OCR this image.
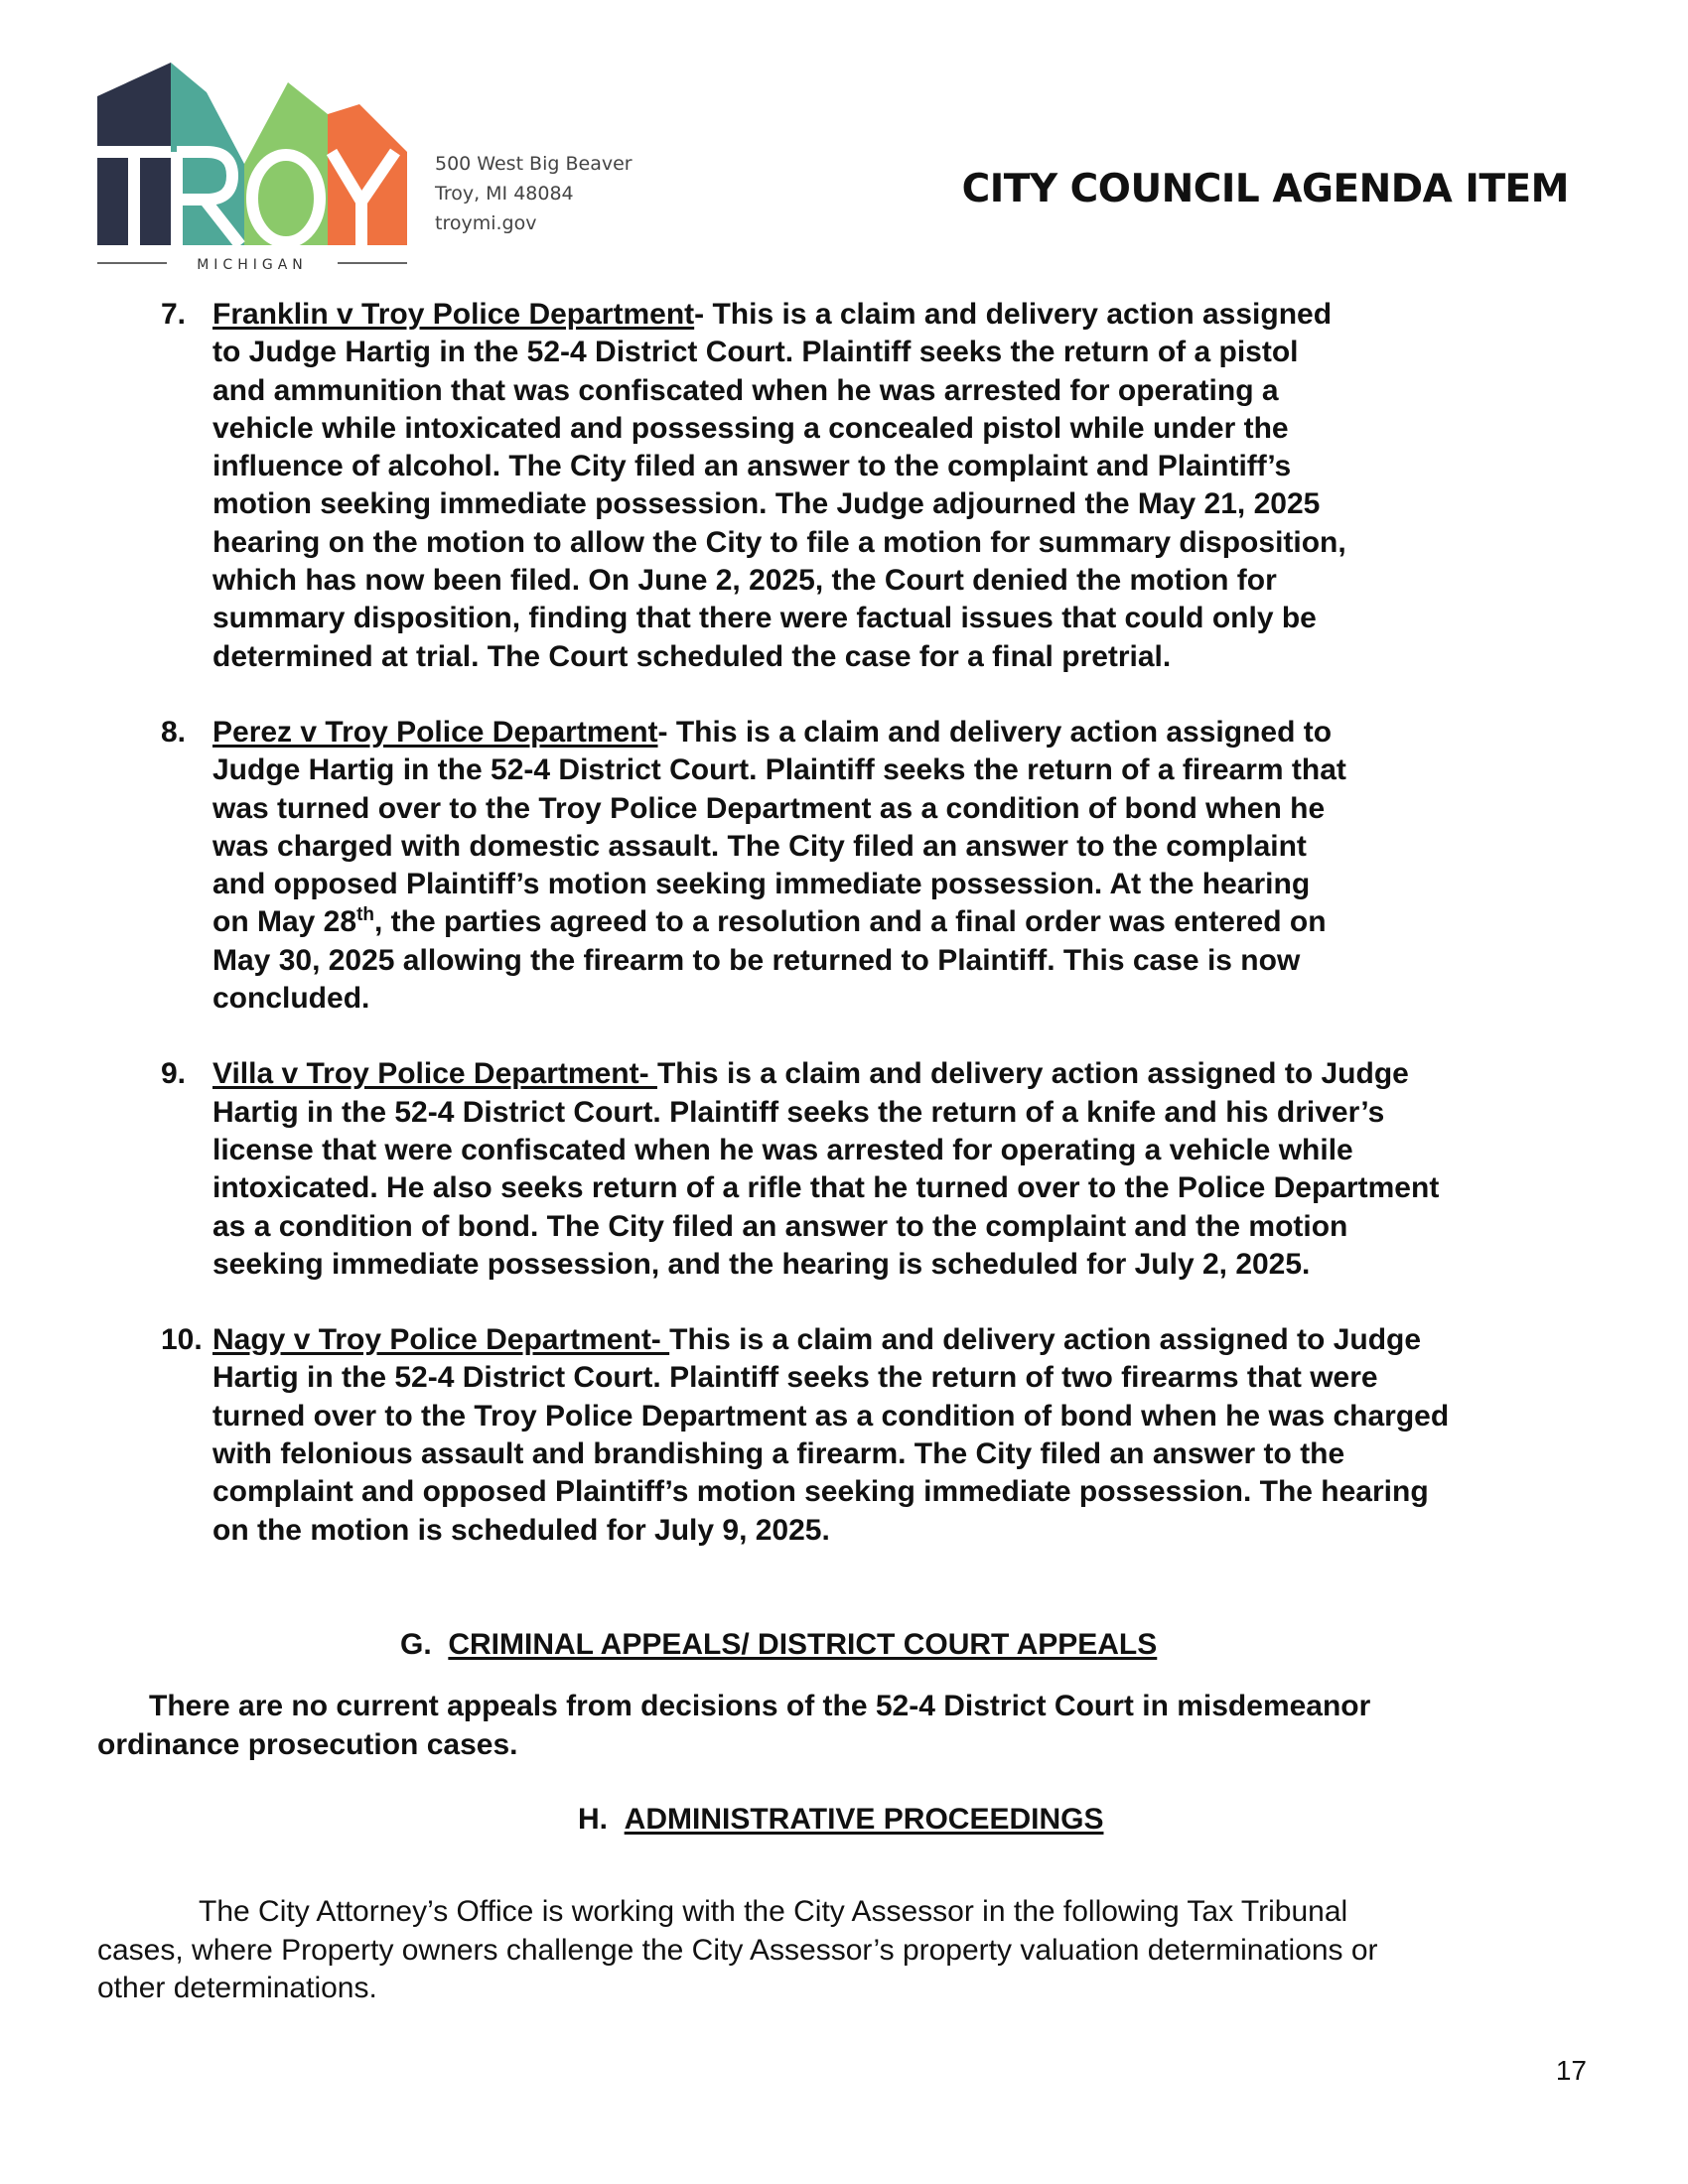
MICHIGAN
500 West Big Beaver
Troy, MI 48084
troymi.gov
CITY COUNCIL AGENDA ITEM
7. Franklin v Troy Police Department- This is a claim and delivery action assigned
to Judge Hartig in the 52-4 District Court. Plaintiff seeks the return of a pistol
and ammunition that was confiscated when he was arrested for operating a
vehicle while intoxicated and possessing a concealed pistol while under the
influence of alcohol. The City filed an answer to the complaint and Plaintiff’s
motion seeking immediate possession. The Judge adjourned the May 21, 2025
hearing on the motion to allow the City to file a motion for summary disposition,
which has now been filed. On June 2, 2025, the Court denied the motion for
summary disposition, finding that there were factual issues that could only be
determined at trial. The Court scheduled the case for a final pretrial.
8. Perez v Troy Police Department- This is a claim and delivery action assigned to
Judge Hartig in the 52-4 District Court. Plaintiff seeks the return of a firearm that
was turned over to the Troy Police Department as a condition of bond when he
was charged with domestic assault. The City filed an answer to the complaint
and opposed Plaintiff’s motion seeking immediate possession. At the hearing
on May 28th, the parties agreed to a resolution and a final order was entered on
May 30, 2025 allowing the firearm to be returned to Plaintiff. This case is now
concluded.
9. Villa v Troy Police Department- This is a claim and delivery action assigned to Judge
Hartig in the 52-4 District Court. Plaintiff seeks the return of a knife and his driver’s
license that were confiscated when he was arrested for operating a vehicle while
intoxicated. He also seeks return of a rifle that he turned over to the Police Department
as a condition of bond. The City filed an answer to the complaint and the motion
seeking immediate possession, and the hearing is scheduled for July 2, 2025.
10. Nagy v Troy Police Department- This is a claim and delivery action assigned to Judge
Hartig in the 52-4 District Court. Plaintiff seeks the return of two firearms that were
turned over to the Troy Police Department as a condition of bond when he was charged
with felonious assault and brandishing a firearm. The City filed an answer to the
complaint and opposed Plaintiff’s motion seeking immediate possession. The hearing
on the motion is scheduled for July 9, 2025.
G. CRIMINAL APPEALS/ DISTRICT COURT APPEALS
There are no current appeals from decisions of the 52-4 District Court in misdemeanor
ordinance prosecution cases.
H. ADMINISTRATIVE PROCEEDINGS
The City Attorney’s Office is working with the City Assessor in the following Tax Tribunal
cases, where Property owners challenge the City Assessor’s property valuation determinations or
other determinations.
17
